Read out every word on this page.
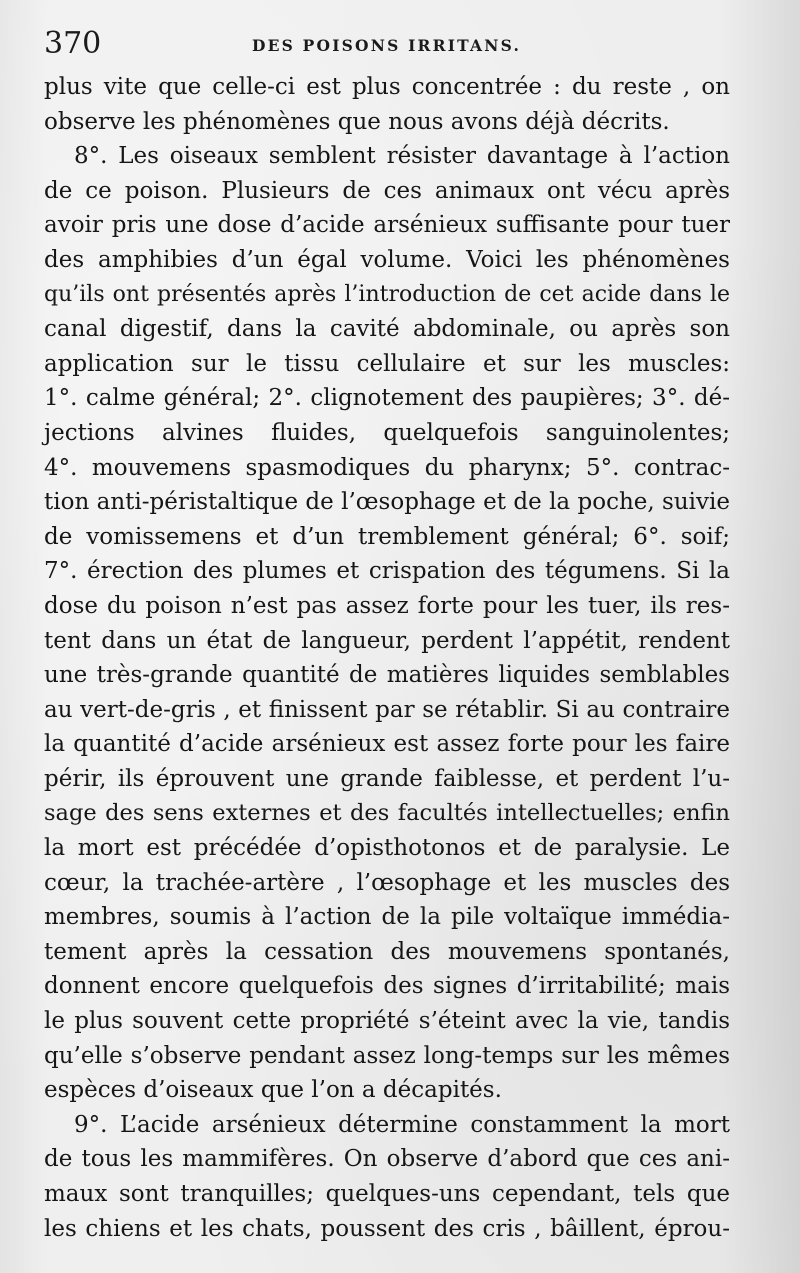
370	DES POISONS IRRITANS.
plus vite que celle-ci est plus concentrée : du reste , on
observe les phénomènes que nous avons déjà décrits.
8°. Les oiseaux semblent résister davantage à l’action
de ce poison. Plusieurs de ces animaux ont vécu après
avoir pris une dose d’acide arsénieux suffisante pour tuer
des amphibies d’un égal volume. Voici les phénomènes
qu’ils ont présentés après l’introduction de cet acide dans le
canal digestif, dans la cavité abdominale, ou après son
application sur le tissu cellulaire et sur les muscles:
1°. calme général; 2°. clignotement des paupières; 3°. dé-
jections alvines fluides, quelquefois sanguinolentes;
4°. mouvemens spasmodiques du pharynx; 5°. contrac-
tion anti-péristaltique de l’œsophage et de la poche, suivie
de vomissemens et d’un tremblement général; 6°. soif;
7°. érection des plumes et crispation des tégumens. Si la
dose du poison n’est pas assez forte pour les tuer, ils res-
tent dans un état de langueur, perdent l’appétit, rendent
une très-grande quantité de matières liquides semblables
au vert-de-gris , et finissent par se rétablir. Si au contraire
la quantité d’acide arsénieux est assez forte pour les faire
périr, ils éprouvent une grande faiblesse, et perdent l’u-
sage des sens externes et des facultés intellectuelles; enfin
la mort est précédée d’opisthotonos et de paralysie. Le
cœur, la trachée-artère , l’œsophage et les muscles des
membres, soumis à l’action de la pile voltaïque immédia-
tement après la cessation des mouvemens spontanés,
donnent encore quelquefois des signes d’irritabilité; mais
le plus souvent cette propriété s’éteint avec la vie, tandis
qu’elle s’observe pendant assez long-temps sur les mêmes
espèces d’oiseaux que l’on a décapités.
9°. L’acide arsénieux détermine constamment la mort
de tous les mammifères. On observe d’abord que ces ani-
maux sont tranquilles; quelques-uns cependant, tels que
les chiens et les chats, poussent des cris , bâillent, éprou-
